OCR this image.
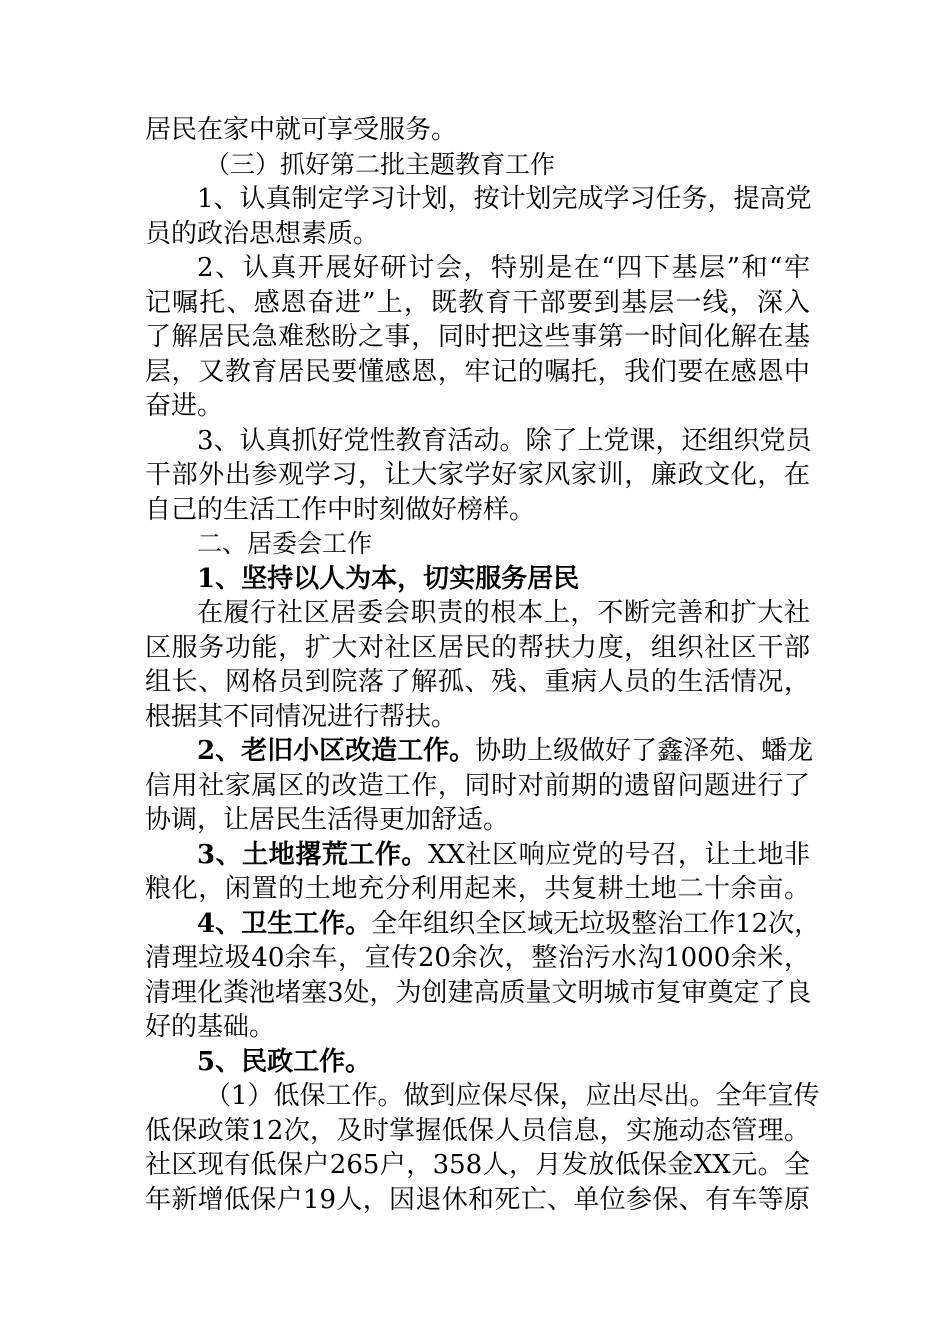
居民在家中就可享受服务。
（三）抓好第二批主题教育工作
1、认真制定学习计划，按计划完成学习任务，提高党
员的政治思想素质。
2、认真开展好研讨会，特别是在“四下基层”和“牢
记嘱托、感恩奋进”上，既教育干部要到基层一线，深入
了解居民急难愁盼之事，同时把这些事第一时间化解在基
层，又教育居民要懂感恩，牢记的嘱托，我们要在感恩中
奋进。
3、认真抓好党性教育活动。除了上党课，还组织党员
干部外出参观学习，让大家学好家风家训，廉政文化，在
自己的生活工作中时刻做好榜样。
二、居委会工作
1、坚持以人为本，切实服务居民
在履行社区居委会职责的根本上，不断完善和扩大社
区服务功能，扩大对社区居民的帮扶力度，组织社区干部
组长、网格员到院落了解孤、残、重病人员的生活情况，
根据其不同情况进行帮扶。
2、老旧小区改造工作。协助上级做好了鑫泽苑、蟠龙
信用社家属区的改造工作，同时对前期的遗留问题进行了
协调，让居民生活得更加舒适。
3、土地撂荒工作。XX社区响应党的号召，让土地非
粮化，闲置的土地充分利用起来，共复耕土地二十余亩。
4、卫生工作。全年组织全区域无垃圾整治工作12次，
清理垃圾40余车，宣传20余次，整治污水沟1000余米，
清理化粪池堵塞3处，为创建高质量文明城市复审奠定了良
好的基础。
5、民政工作。
（1）低保工作。做到应保尽保，应出尽出。全年宣传
低保政策12次，及时掌握低保人员信息，实施动态管理。
社区现有低保户265户，358人，月发放低保金XX元。全
年新增低保户19人，因退休和死亡、单位参保、有车等原
